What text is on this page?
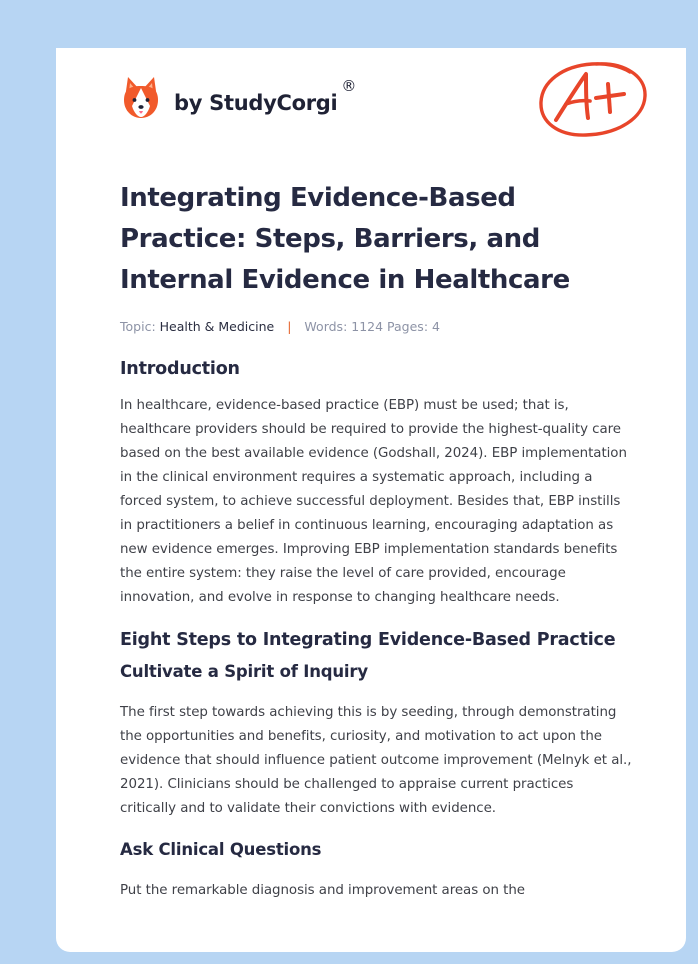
by StudyCorgi
®
Integrating Evidence-Based Practice: Steps, Barriers, and Internal Evidence in Healthcare
Topic: Health & Medicine | Words: 1124 Pages: 4
Introduction

In healthcare, evidence-based practice (EBP) must be used; that is, healthcare providers should be required to provide the highest-quality care based on the best available evidence (Godshall, 2024). EBP implementation in the clinical environment requires a systematic approach, including a forced system, to achieve successful deployment. Besides that, EBP instills in practitioners a belief in continuous learning, encouraging adaptation as new evidence emerges. Improving EBP implementation standards benefits the entire system: they raise the level of care provided, encourage innovation, and evolve in response to changing healthcare needs.

Eight Steps to Integrating Evidence-Based Practice
Cultivate a Spirit of Inquiry

The first step towards achieving this is by seeding, through demonstrating the opportunities and benefits, curiosity, and motivation to act upon the evidence that should influence patient outcome improvement (Melnyk et al., 2021). Clinicians should be challenged to appraise current practices critically and to validate their convictions with evidence.

Ask Clinical Questions

Put the remarkable diagnosis and improvement areas on the
